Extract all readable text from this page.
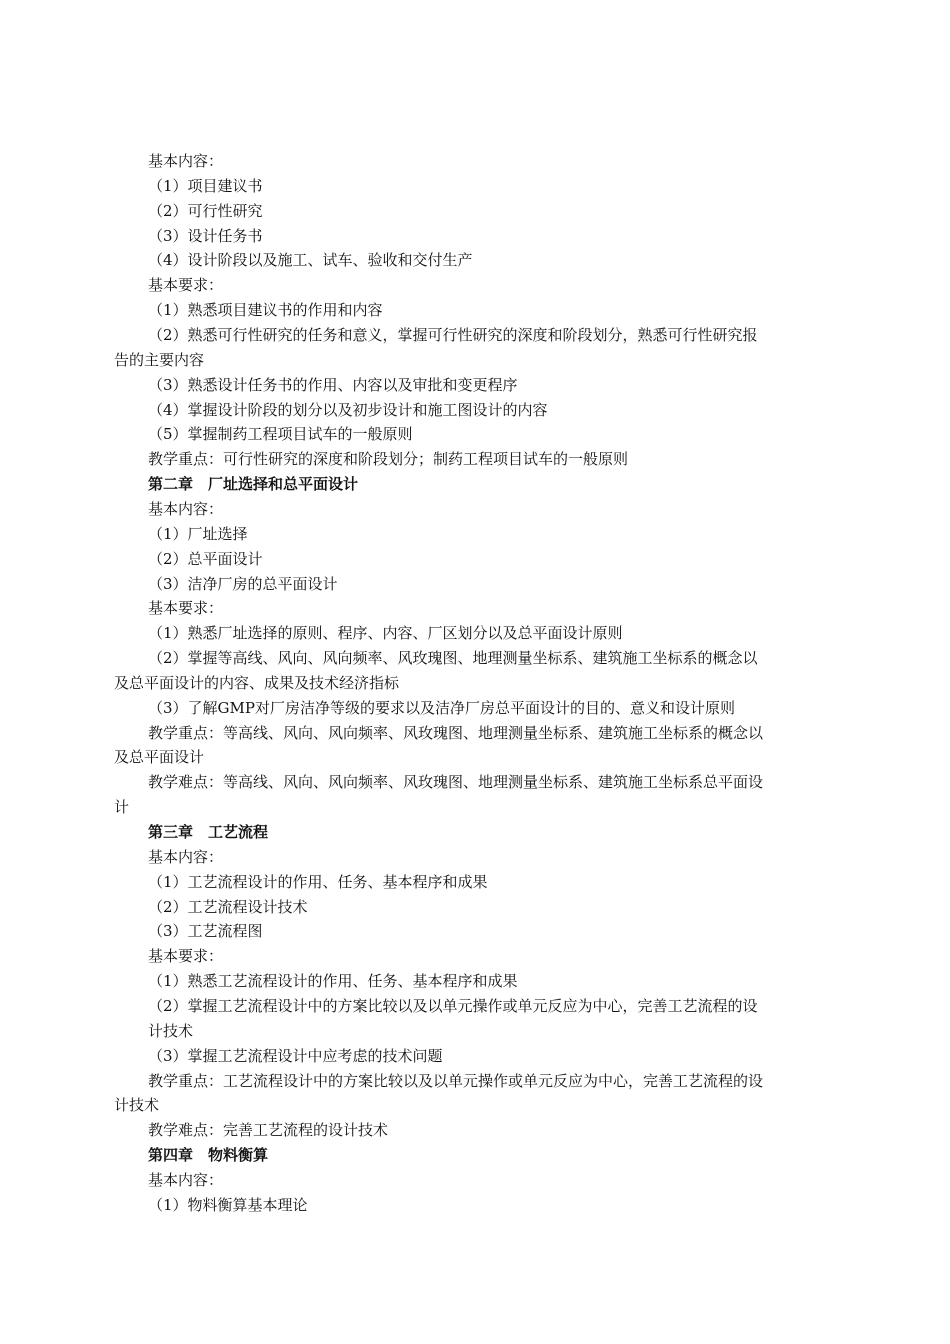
基本内容：
（1）项目建议书
（2）可行性研究
（3）设计任务书
（4）设计阶段以及施工、试车、验收和交付生产
基本要求：
（1）熟悉项目建议书的作用和内容
（2）熟悉可行性研究的任务和意义，掌握可行性研究的深度和阶段划分，熟悉可行性研究报
告的主要内容
（3）熟悉设计任务书的作用、内容以及审批和变更程序
（4）掌握设计阶段的划分以及初步设计和施工图设计的内容
（5）掌握制药工程项目试车的一般原则
教学重点：可行性研究的深度和阶段划分；制药工程项目试车的一般原则
第二章　厂址选择和总平面设计
基本内容：
（1）厂址选择
（2）总平面设计
（3）洁净厂房的总平面设计
基本要求：
（1）熟悉厂址选择的原则、程序、内容、厂区划分以及总平面设计原则
（2）掌握等高线、风向、风向频率、风玫瑰图、地理测量坐标系、建筑施工坐标系的概念以
及总平面设计的内容、成果及技术经济指标
（3）了解GMP对厂房洁净等级的要求以及洁净厂房总平面设计的目的、意义和设计原则
教学重点：等高线、风向、风向频率、风玫瑰图、地理测量坐标系、建筑施工坐标系的概念以
及总平面设计
教学难点：等高线、风向、风向频率、风玫瑰图、地理测量坐标系、建筑施工坐标系总平面设
计
第三章　工艺流程
基本内容：
（1）工艺流程设计的作用、任务、基本程序和成果
（2）工艺流程设计技术
（3）工艺流程图
基本要求：
（1）熟悉工艺流程设计的作用、任务、基本程序和成果
（2）掌握工艺流程设计中的方案比较以及以单元操作或单元反应为中心，完善工艺流程的设
计技术
（3）掌握工艺流程设计中应考虑的技术问题
教学重点：工艺流程设计中的方案比较以及以单元操作或单元反应为中心，完善工艺流程的设
计技术
教学难点：完善工艺流程的设计技术
第四章　物料衡算
基本内容：
（1）物料衡算基本理论
